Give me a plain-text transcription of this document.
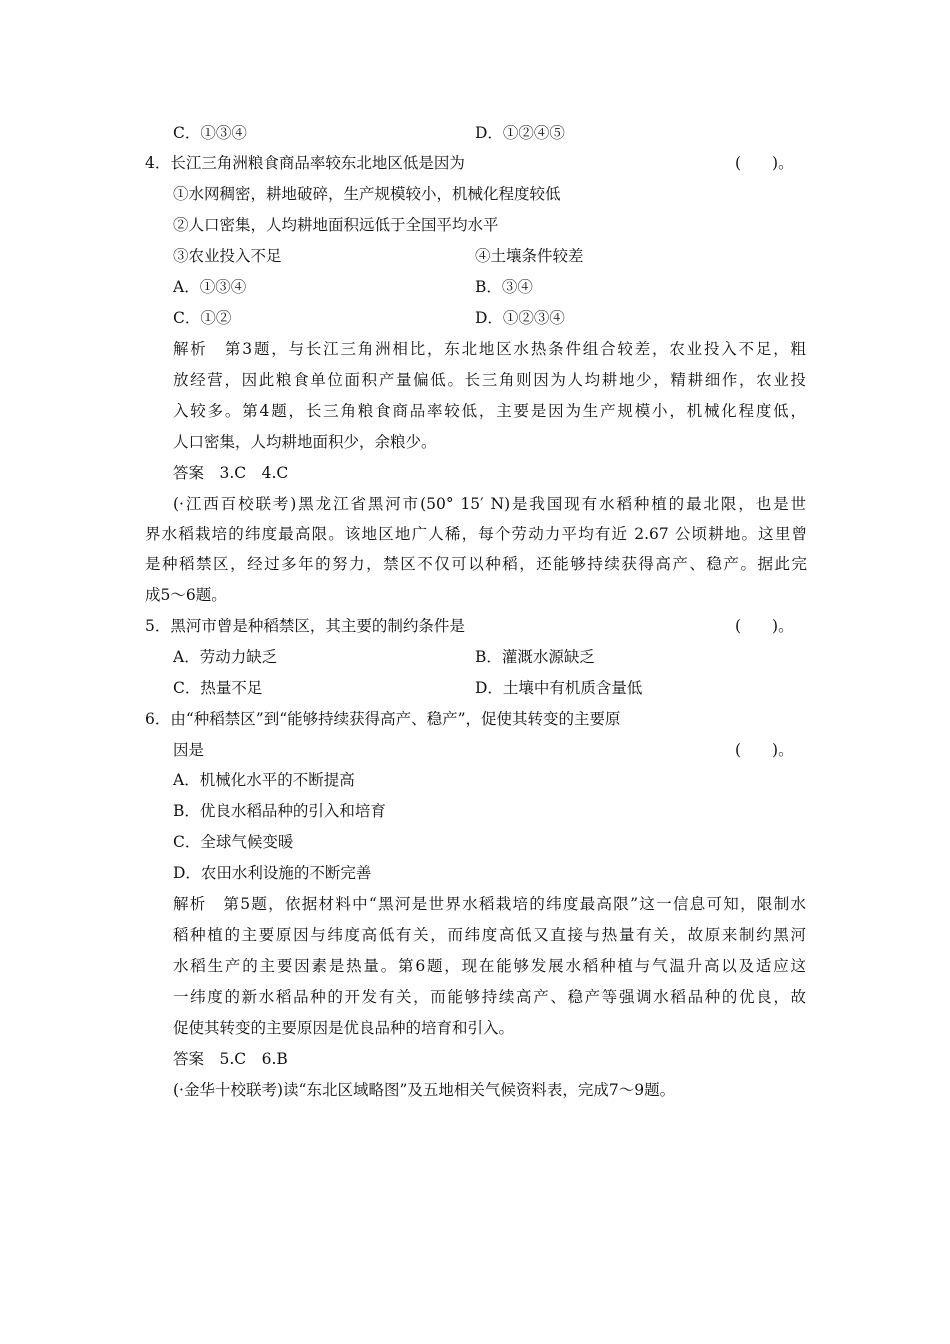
C．①③④	D．①②④⑤
4．长江三角洲粮食商品率较东北地区低是因为	(　　)。
①水网稠密，耕地破碎，生产规模较小，机械化程度较低
②人口密集，人均耕地面积远低于全国平均水平
③农业投入不足	④土壤条件较差
A．①③④	B．③④
C．①②	D．①②③④
解析　第3题，与长江三角洲相比，东北地区水热条件组合较差，农业投入不足，粗
放经营，因此粮食单位面积产量偏低。长三角则因为人均耕地少，精耕细作，农业投
入较多。第4题，长三角粮食商品率较低，主要是因为生产规模小，机械化程度低，
人口密集，人均耕地面积少，余粮少。
答案　3.C　4.C
(·江西百校联考)黑龙江省黑河市(50° 15′ N)是我国现有水稻种植的最北限，也是世
界水稻栽培的纬度最高限。该地区地广人稀，每个劳动力平均有近 2.67 公顷耕地。这里曾
是种稻禁区，经过多年的努力，禁区不仅可以种稻，还能够持续获得高产、稳产。据此完
成5～6题。
5．黑河市曾是种稻禁区，其主要的制约条件是	(　　)。
A．劳动力缺乏	B．灌溉水源缺乏
C．热量不足	D．土壤中有机质含量低
6．由“种稻禁区”到“能够持续获得高产、稳产”，促使其转变的主要原
因是	(　　)。
A．机械化水平的不断提高
B．优良水稻品种的引入和培育
C．全球气候变暖
D．农田水利设施的不断完善
解析　第5题，依据材料中“黑河是世界水稻栽培的纬度最高限”这一信息可知，限制水
稻种植的主要原因与纬度高低有关，而纬度高低又直接与热量有关，故原来制约黑河
水稻生产的主要因素是热量。第6题，现在能够发展水稻种植与气温升高以及适应这
一纬度的新水稻品种的开发有关，而能够持续高产、稳产等强调水稻品种的优良，故
促使其转变的主要原因是优良品种的培育和引入。
答案　5.C　6.B
(·金华十校联考)读“东北区域略图”及五地相关气候资料表，完成7～9题。
